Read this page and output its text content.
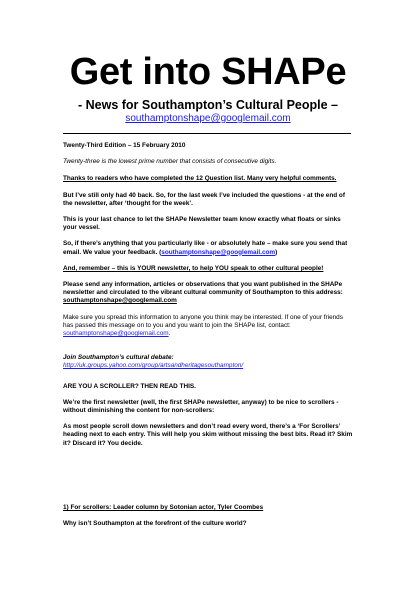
Get into SHAPe
- News for Southampton’s Cultural People –
southamptonshape@googlemail.com

Twenty-Third Edition – 15 February 2010

Twenty-three is the lowest prime number that consists of consecutive digits.

Thanks to readers who have completed the 12 Question list. Many very helpful comments.

But I’ve still only had 40 back. So, for the last week I’ve included the questions - at the end of the newsletter, after ‘thought for the week’.

This is your last chance to let the SHAPe Newsletter team know exactly what floats or sinks your vessel.

So, if there’s anything that you particularly like - or absolutely hate – make sure you send that email. We value your feedback. (southamptonshape@googlemail.com)

And, remember – this is YOUR newsletter, to help YOU speak to other cultural people!

Please send any information, articles or observations that you want published in the SHAPe newsletter and circulated to the vibrant cultural community of Southampton to this address: southamptonshape@googlemail.com

Make sure you spread this information to anyone you think may be interested. If one of your friends has passed this message on to you and you want to join the SHAPe list, contact: southamptonshape@googlemail.com.

Join Southampton’s cultural debate:

http://uk.groups.yahoo.com/group/artsandheritagesouthampton/

ARE YOU A SCROLLER? THEN READ THIS.

We’re the first newsletter (well, the first SHAPe newsletter, anyway) to be nice to scrollers - without diminishing the content for non-scrollers:

As most people scroll down newsletters and don’t read every word, there’s a ‘For Scrollers’ heading next to each entry. This will help you skim without missing the best bits. Read it? Skim it? Discard it? You decide.

1) For scrollers: Leader column by Sotonian actor, Tyler Coombes

Why isn’t Southampton at the forefront of the culture world?
